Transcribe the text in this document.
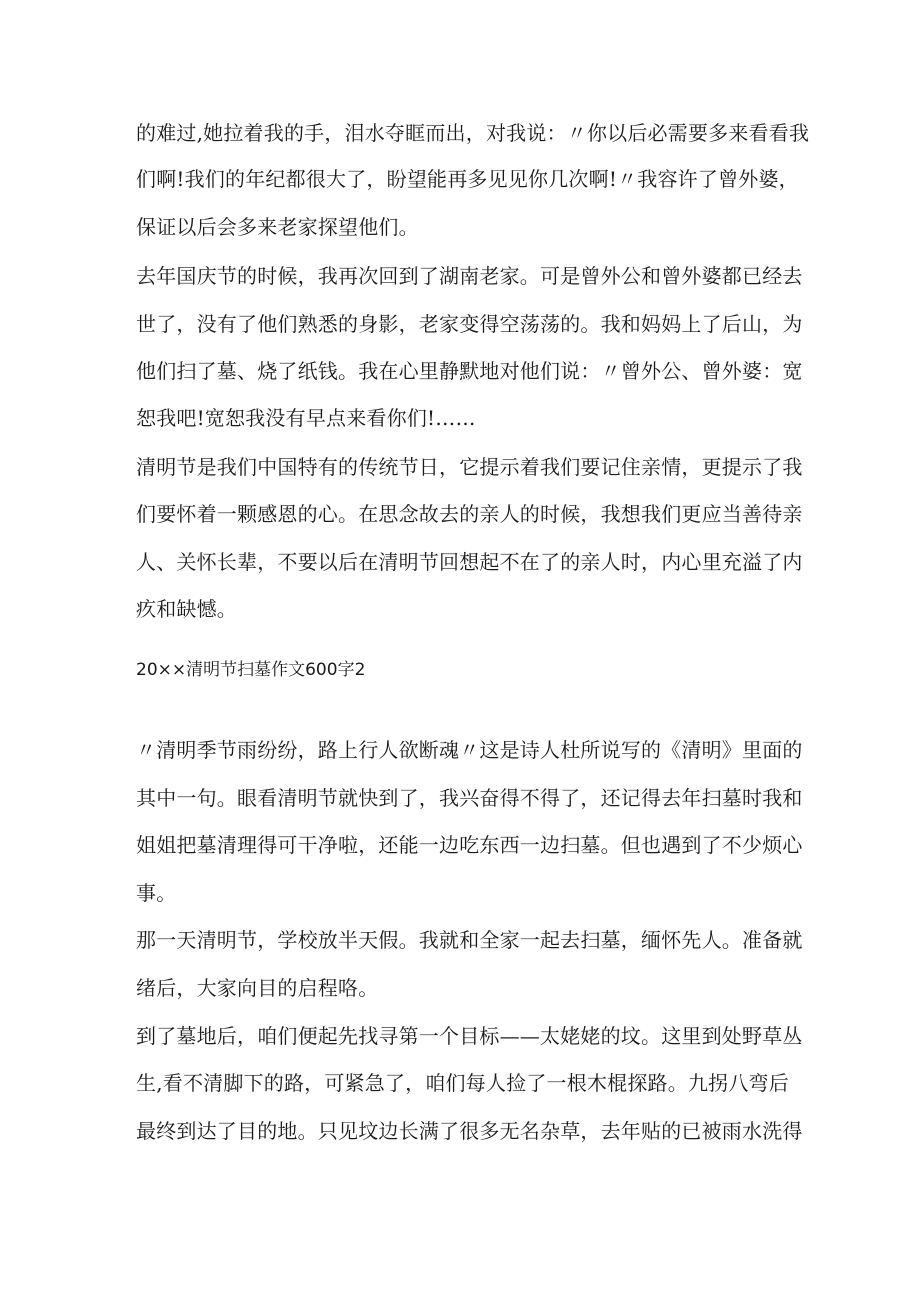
的难过,她拉着我的手，泪水夺眶而出，对我说：〃你以后必需要多来看看我
们啊!我们的年纪都很大了，盼望能再多见见你几次啊!〃我容许了曾外婆，
保证以后会多来老家探望他们。
去年国庆节的时候，我再次回到了湖南老家。可是曾外公和曾外婆都已经去
世了，没有了他们熟悉的身影，老家变得空荡荡的。我和妈妈上了后山，为
他们扫了墓、烧了纸钱。我在心里静默地对他们说：〃曾外公、曾外婆：宽
恕我吧!宽恕我没有早点来看你们!……
清明节是我们中国特有的传统节日，它提示着我们要记住亲情，更提示了我
们要怀着一颗感恩的心。在思念故去的亲人的时候，我想我们更应当善待亲
人、关怀长辈，不要以后在清明节回想起不在了的亲人时，内心里充溢了内
疚和缺憾。
20××清明节扫墓作文600字2
〃清明季节雨纷纷，路上行人欲断魂〃这是诗人杜所说写的《清明》里面的
其中一句。眼看清明节就快到了，我兴奋得不得了，还记得去年扫墓时我和
姐姐把墓清理得可干净啦，还能一边吃东西一边扫墓。但也遇到了不少烦心
事。
那一天清明节，学校放半天假。我就和全家一起去扫墓，缅怀先人。准备就
绪后，大家向目的启程咯。
到了墓地后，咱们便起先找寻第一个目标——太姥姥的坟。这里到处野草丛
生,看不清脚下的路，可紧急了，咱们每人捡了一根木棍探路。九拐八弯后
最终到达了目的地。只见坟边长满了很多无名杂草，去年贴的已被雨水洗得
